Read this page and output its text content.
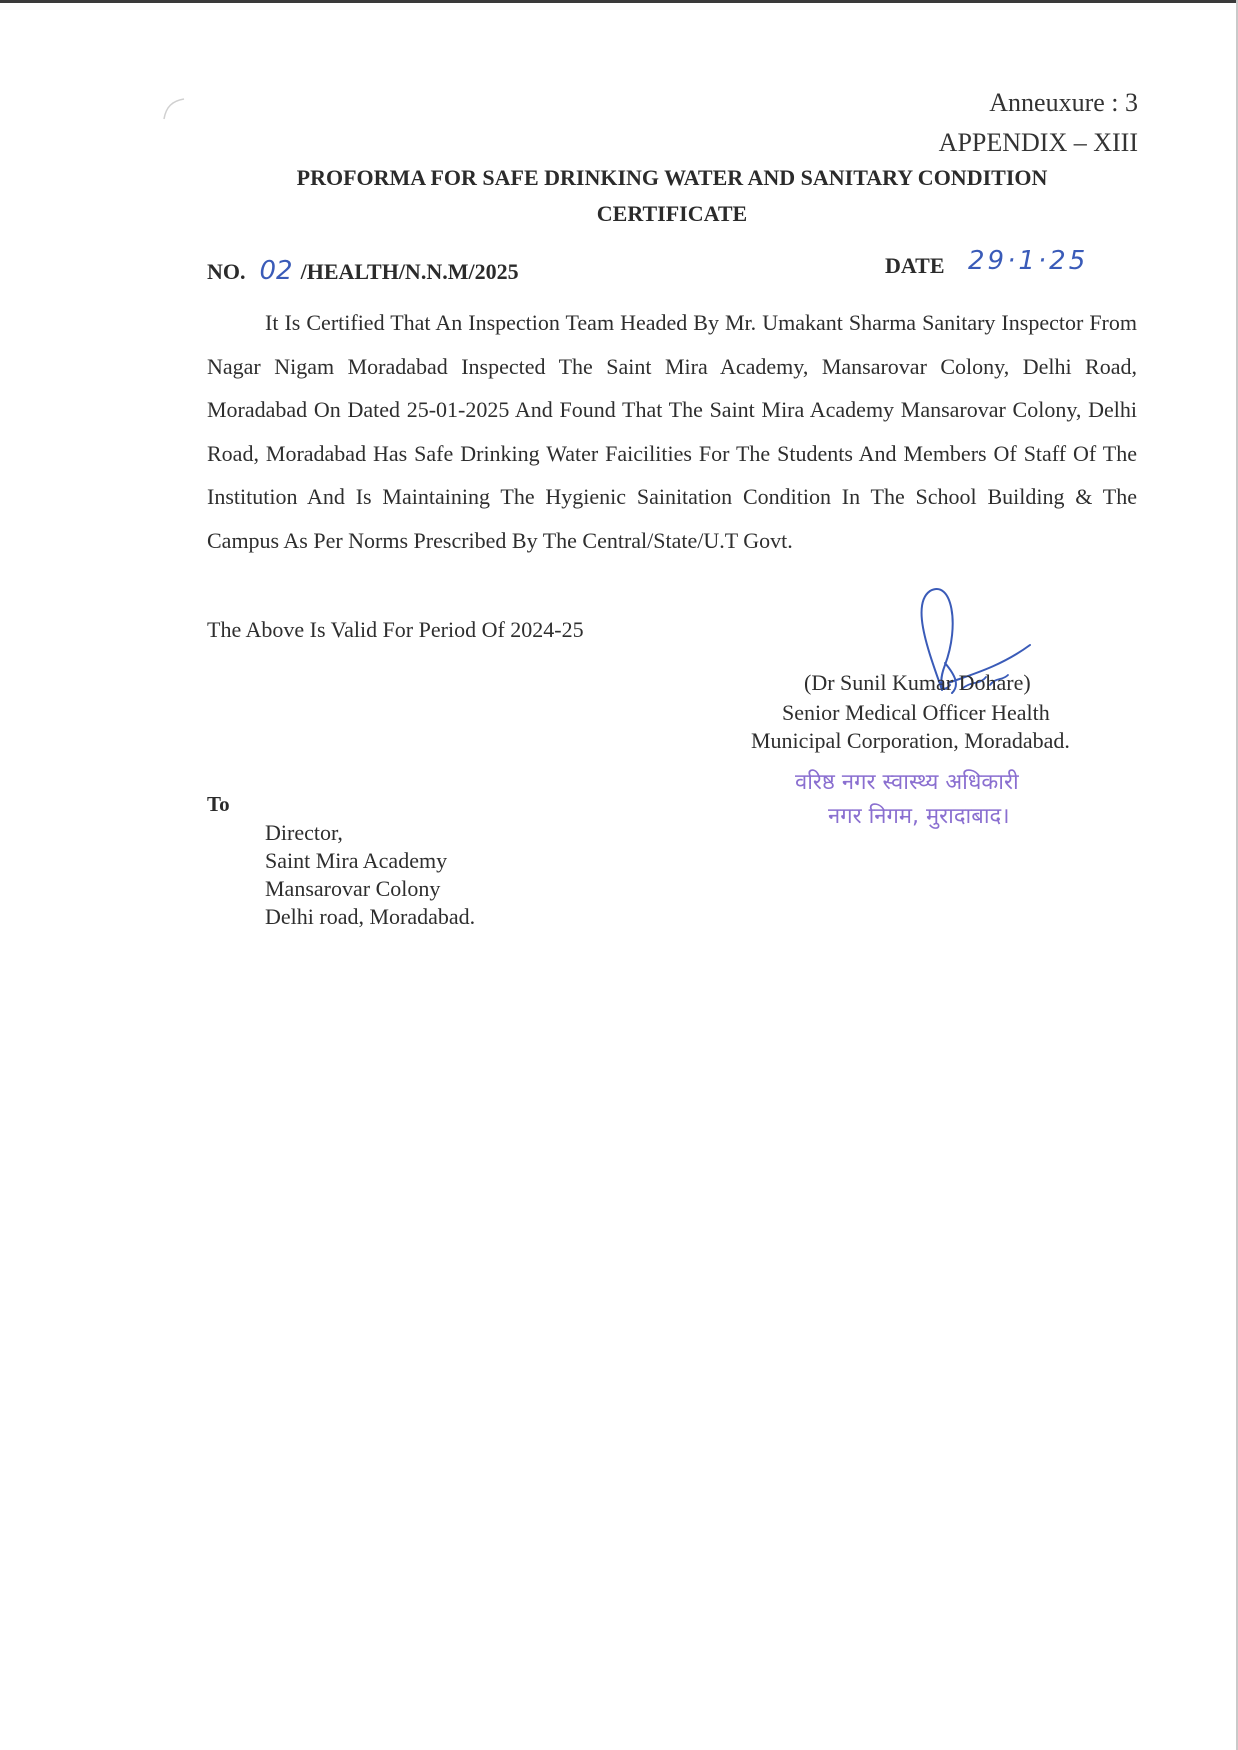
Anneuxure : 3
APPENDIX – XIII
PROFORMA FOR SAFE DRINKING WATER AND SANITARY CONDITION
CERTIFICATE
NO. 02 /HEALTH/N.N.M/2025	DATE 29·1·25
It Is Certified That An Inspection Team Headed By Mr. Umakant Sharma Sanitary Inspector From Nagar Nigam Moradabad Inspected The Saint Mira Academy, Mansarovar Colony, Delhi Road, Moradabad On Dated 25-01-2025 And Found That The Saint Mira Academy Mansarovar Colony, Delhi Road, Moradabad Has Safe Drinking Water Faicilities For The Students And Members Of Staff Of The Institution And Is Maintaining The Hygienic Sainitation Condition In The School Building & The Campus As Per Norms Prescribed By The Central/State/U.T Govt.
The Above Is Valid For Period Of 2024-25
(Dr Sunil Kumar Dohare)
Senior Medical Officer Health
Municipal Corporation, Moradabad.
वरिष्ठ नगर स्वास्थ्य अधिकारी
नगर निगम, मुरादाबाद।
To
Director,
Saint Mira Academy
Mansarovar Colony
Delhi road, Moradabad.
